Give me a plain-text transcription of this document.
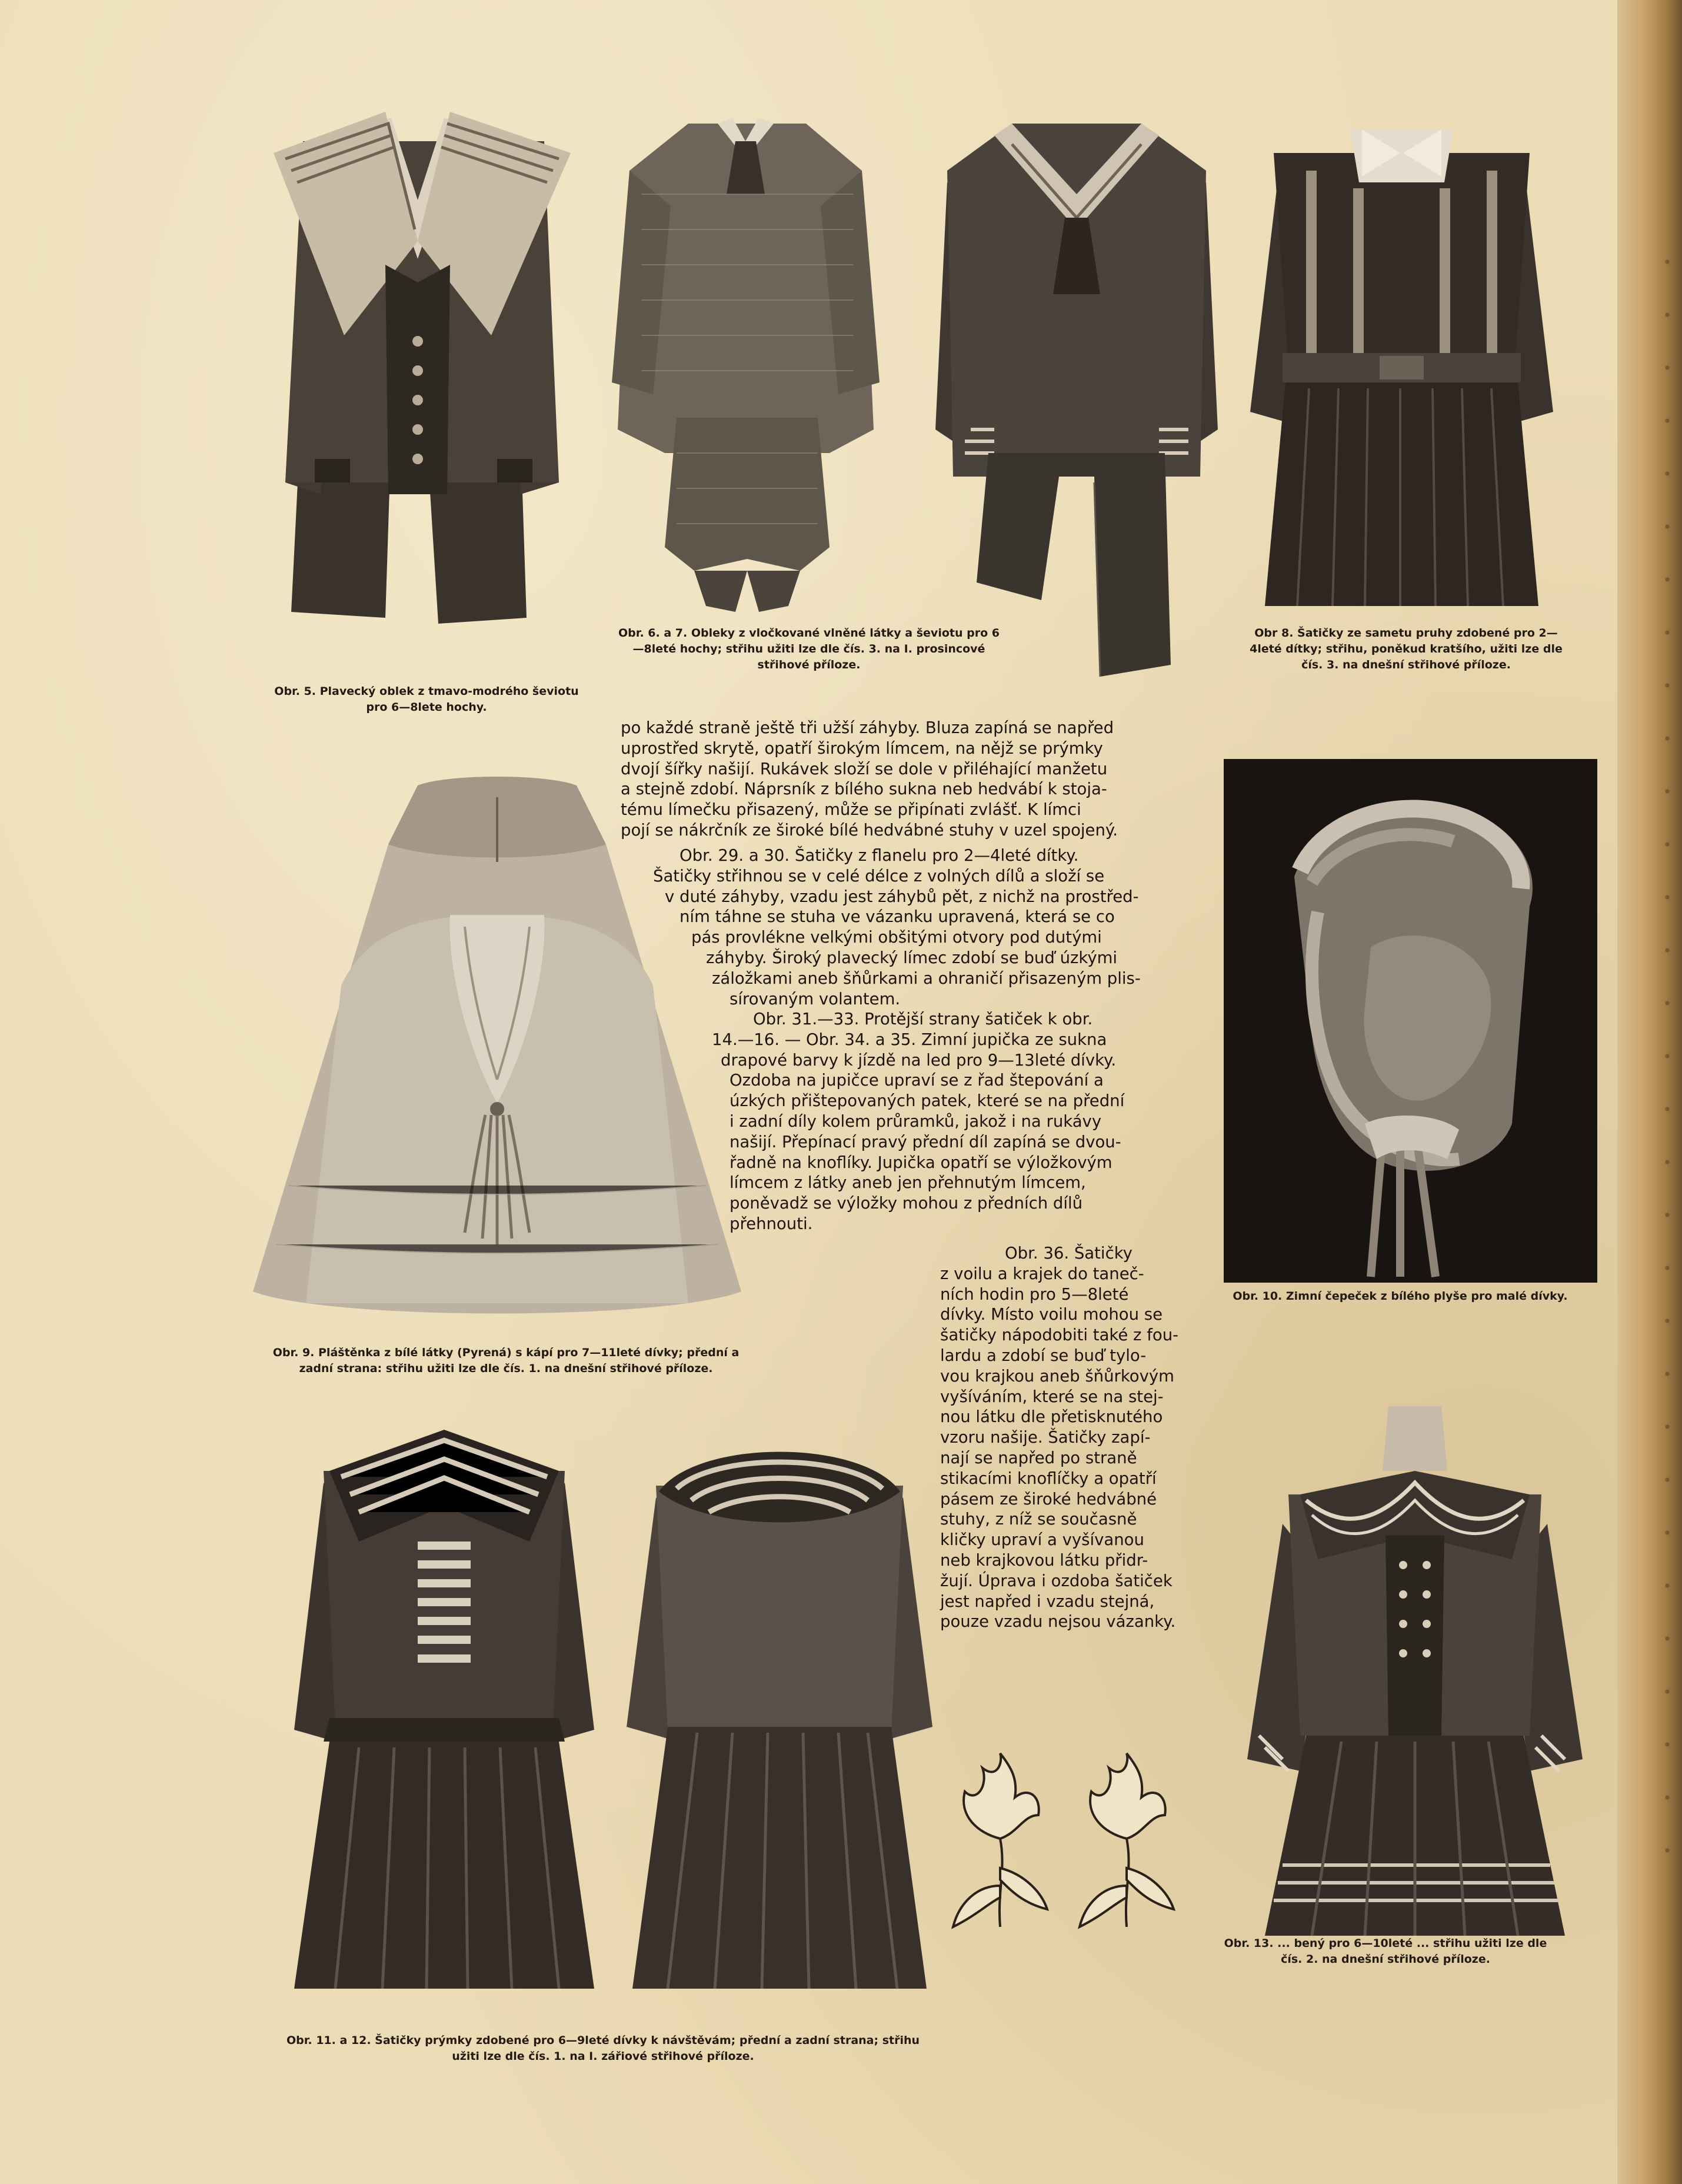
Obr. 5. Plavecký oblek z tmavo-modrého ševiotu pro 6—8lete hochy.

Obr. 6. a 7. Obleky z vločkované vlněné látky a ševiotu pro 6—8leté hochy; střihu užiti lze dle čís. 3. na I. prosincové střihové příloze.

Obr 8. Šatičky ze sametu pruhy zdobené pro 2—4leté dítky; střihu, poněkud kratšího, užiti lze dle čís. 3. na dnešní střihové příloze.

Obr. 9. Pláštěnka z bílé látky (Pyrená) s kápí pro 7—11leté dívky; přední a zadní strana: střihu užiti lze dle čís. 1. na dnešní střihové příloze.

po každé straně ještě tři užší záhyby. Bluza zapíná se napřed
uprostřed skrytě, opatří širokým límcem, na nějž se prýmky
dvojí šířky našijí. Rukávek složí se dole v přiléhající manžetu
a stejně zdobí. Náprsník z bílého sukna neb hedvábí k stoja-
tému límečku přisazený, může se připínati zvlášť. K límci
pojí se nákrčník ze široké bílé hedvábné stuhy v uzel spojený.
Obr. 29. a 30. Šatičky z flanelu pro 2—4leté dítky.
Šatičky střihnou se v celé délce z volných dílů a složí se
v duté záhyby, vzadu jest záhybů pět, z nichž na prostřed-
ním táhne se stuha ve vázanku upravená, která se co
pás provlékne velkými obšitými otvory pod dutými
záhyby. Široký plavecký límec zdobí se buď úzkými
záložkami aneb šňůrkami a ohraničí přisazeným plis-
sírovaným volantem.
Obr. 31.—33. Protější strany šatiček k obr.
14.—16. — Obr. 34. a 35. Zimní jupička ze sukna
drapové barvy k jízdě na led pro 9—13leté dívky.
Ozdoba na jupičce upraví se z řad štepování a
úzkých přištepovaných patek, které se na přední
i zadní díly kolem průramků, jakož i na rukávy
našijí. Přepínací pravý přední díl zapíná se dvou-
řadně na knoflíky. Jupička opatří se výložkovým
límcem z látky aneb jen přehnutým límcem,
poněvadž se výložky mohou z předních dílů
přehnouti.
Obr. 36. Šatičky
z voilu a krajek do taneč-
ních hodin pro 5—8leté
dívky. Místo voilu mohou se
šatičky nápodobiti také z fou-
lardu a zdobí se buď tylo-
vou krajkou aneb šňůrkovým
vyšíváním, které se na stej-
nou látku dle přetisknutého
vzoru našije. Šatičky zapí-
nají se napřed po straně
stikacími knoflíčky a opatří
pásem ze široké hedvábné
stuhy, z níž se současně
kličky upraví a vyšívanou
neb krajkovou látku přidr-
žují. Úprava i ozdoba šatiček
jest napřed i vzadu stejná,
pouze vzadu nejsou vázanky.

Obr. 10. Zimní čepeček z bílého plyše pro malé dívky.

Obr. 11. a 12. Šatičky prýmky zdobené pro 6—9leté dívky k návštěvám; přední a zadní strana; střihu užiti lze dle čís. 1. na I. zářiové střihové příloze.

Obr. 13. ... bený pro 6—10leté ... střihu užiti lze dle čís. 2. na dnešní střihové příloze.
